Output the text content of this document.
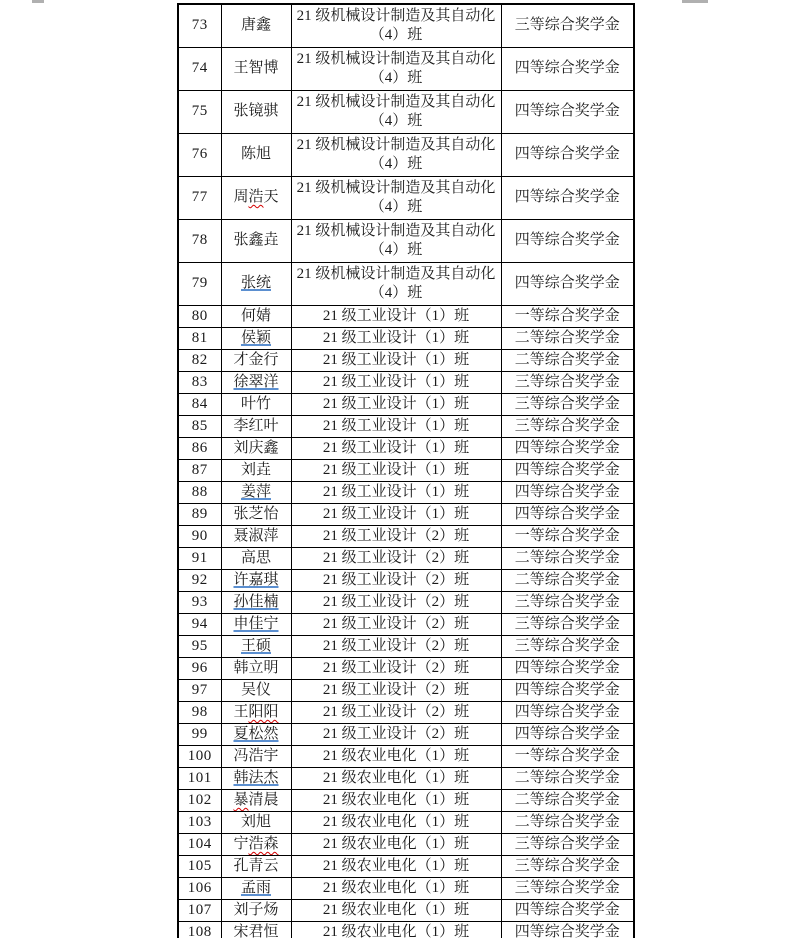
73	唐鑫	21 级机械设计制造及其自动化（4）班	三等综合奖学金
74	王智博	21 级机械设计制造及其自动化（4）班	四等综合奖学金
75	张镜骐	21 级机械设计制造及其自动化（4）班	四等综合奖学金
76	陈旭	21 级机械设计制造及其自动化（4）班	四等综合奖学金
77	周浩天	21 级机械设计制造及其自动化（4）班	四等综合奖学金
78	张鑫垚	21 级机械设计制造及其自动化（4）班	四等综合奖学金
79	张统	21 级机械设计制造及其自动化（4）班	四等综合奖学金
80	何婧	21 级工业设计（1）班	一等综合奖学金
81	侯颖	21 级工业设计（1）班	二等综合奖学金
82	才金行	21 级工业设计（1）班	二等综合奖学金
83	徐翠洋	21 级工业设计（1）班	三等综合奖学金
84	叶竹	21 级工业设计（1）班	三等综合奖学金
85	李红叶	21 级工业设计（1）班	三等综合奖学金
86	刘庆鑫	21 级工业设计（1）班	四等综合奖学金
87	刘垚	21 级工业设计（1）班	四等综合奖学金
88	姜萍	21 级工业设计（1）班	四等综合奖学金
89	张芝怡	21 级工业设计（1）班	四等综合奖学金
90	聂淑萍	21 级工业设计（2）班	一等综合奖学金
91	高思	21 级工业设计（2）班	二等综合奖学金
92	许嘉琪	21 级工业设计（2）班	二等综合奖学金
93	孙佳楠	21 级工业设计（2）班	三等综合奖学金
94	申佳宁	21 级工业设计（2）班	三等综合奖学金
95	王硕	21 级工业设计（2）班	三等综合奖学金
96	韩立明	21 级工业设计（2）班	四等综合奖学金
97	吴仪	21 级工业设计（2）班	四等综合奖学金
98	王阳阳	21 级工业设计（2）班	四等综合奖学金
99	夏松然	21 级工业设计（2）班	四等综合奖学金
100	冯浩宇	21 级农业电化（1）班	一等综合奖学金
101	韩法杰	21 级农业电化（1）班	二等综合奖学金
102	暴清晨	21 级农业电化（1）班	二等综合奖学金
103	刘旭	21 级农业电化（1）班	二等综合奖学金
104	宁浩森	21 级农业电化（1）班	三等综合奖学金
105	孔青云	21 级农业电化（1）班	三等综合奖学金
106	孟雨	21 级农业电化（1）班	三等综合奖学金
107	刘子炀	21 级农业电化（1）班	四等综合奖学金
108	宋君恒	21 级农业电化（1）班	四等综合奖学金
